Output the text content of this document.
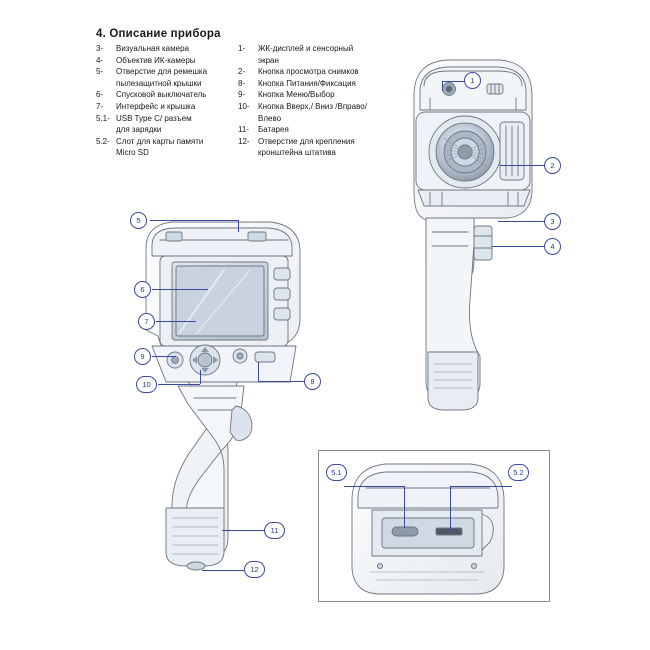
4. Описание прибора
3-	Визуальная камера
4-	Объектив ИК-камеры
5-	Отверстие для ремешка
пылезащитной крышки
6-	Спусковой выключатель
7-	Интерфейс и крышка
5.1- USB Type C/ разъем
для зарядки
5.2- Слот для карты памяти
Micro SD
1-	ЖК-дисплей и сенсорный
экран
2-	Кнопка просмотра снимков
8-	Кнопка Питания/Фиксация
9-	Кнопка Меню/Выбор
10-	Кнопка Вверх,/ Вниз /Вправо/
Влево
11-	Батарея
12-	Отверстие для крепления
кронштейна штатива
1
2
3
4
5
6
7
9
8
10
11
12
5.1	5.2
